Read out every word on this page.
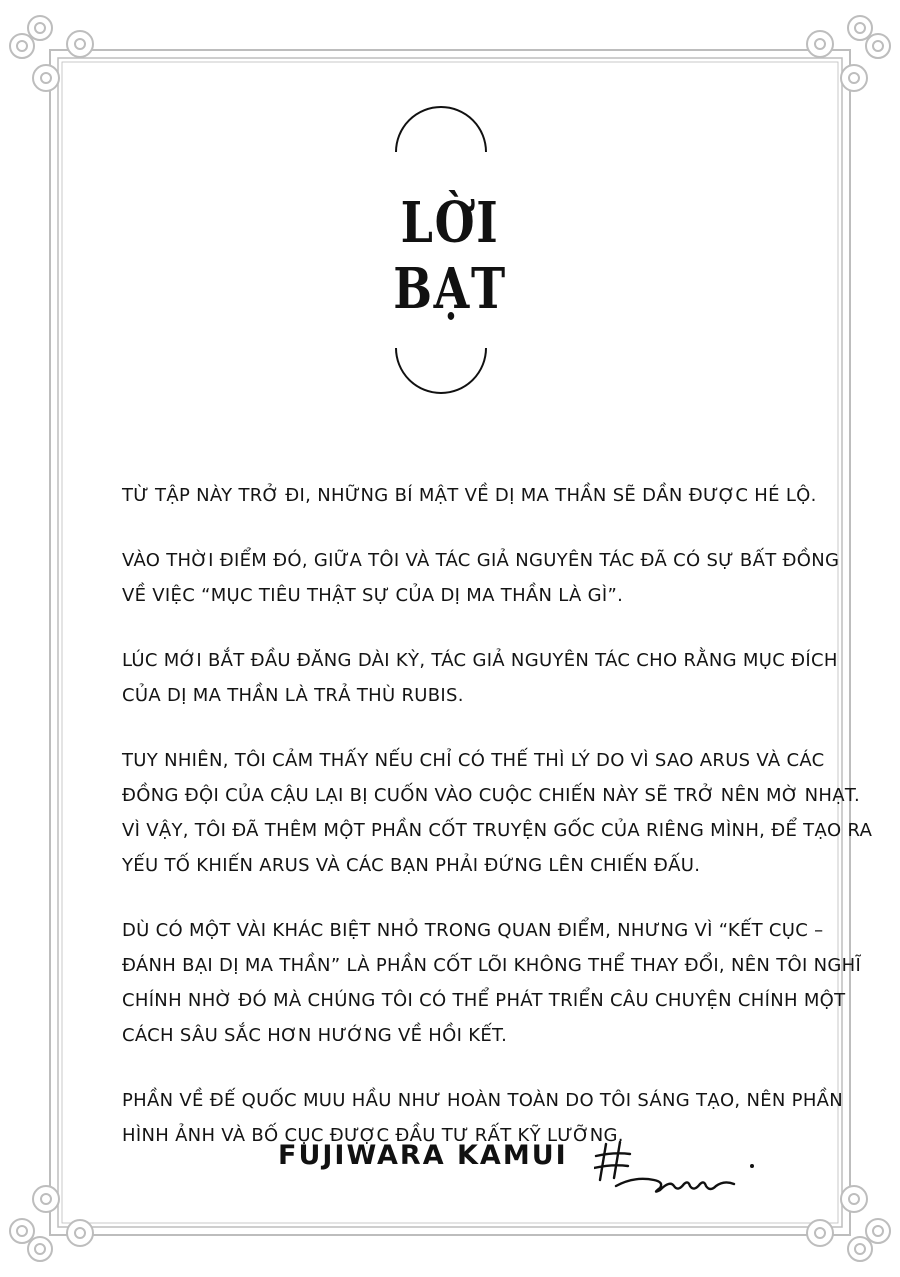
LỜI
BẠT

TỪ TẬP NÀY TRỞ ĐI, NHỮNG BÍ MẬT VỀ DỊ MA THẦN SẼ DẦN ĐƯỢC HÉ LỘ.

VÀO THỜI ĐIỂM ĐÓ, GIỮA TÔI VÀ TÁC GIẢ NGUYÊN TÁC ĐÃ CÓ SỰ BẤT ĐỒNG
VỀ VIỆC “MỤC TIÊU THẬT SỰ CỦA DỊ MA THẦN LÀ GÌ”.

LÚC MỚI BẮT ĐẦU ĐĂNG DÀI KỲ, TÁC GIẢ NGUYÊN TÁC CHO RẰNG MỤC ĐÍCH
CỦA DỊ MA THẦN LÀ TRẢ THÙ RUBIS.

TUY NHIÊN, TÔI CẢM THẤY NẾU CHỈ CÓ THẾ THÌ LÝ DO VÌ SAO ARUS VÀ CÁC
ĐỒNG ĐỘI CỦA CẬU LẠI BỊ CUỐN VÀO CUỘC CHIẾN NÀY SẼ TRỞ NÊN MỜ NHẠT.
VÌ VẬY, TÔI ĐÃ THÊM MỘT PHẦN CỐT TRUYỆN GỐC CỦA RIÊNG MÌNH, ĐỂ TẠO RA
YẾU TỐ KHIẾN ARUS VÀ CÁC BẠN PHẢI ĐỨNG LÊN CHIẾN ĐẤU.

DÙ CÓ MỘT VÀI KHÁC BIỆT NHỎ TRONG QUAN ĐIỂM, NHƯNG VÌ “KẾT CỤC –
ĐÁNH BẠI DỊ MA THẦN” LÀ PHẦN CỐT LÕI KHÔNG THỂ THAY ĐỔI, NÊN TÔI NGHĨ
CHÍNH NHỜ ĐÓ MÀ CHÚNG TÔI CÓ THỂ PHÁT TRIỂN CÂU CHUYỆN CHÍNH MỘT
CÁCH SÂU SẮC HƠN HƯỚNG VỀ HỒI KẾT.

PHẦN VỀ ĐẾ QUỐC MUU HẦU NHƯ HOÀN TOÀN DO TÔI SÁNG TẠO, NÊN PHẦN
HÌNH ẢNH VÀ BỐ CỤC ĐƯỢC ĐẦU TƯ RẤT KỸ LƯỠNG.

FUJIWARA KAMUI
